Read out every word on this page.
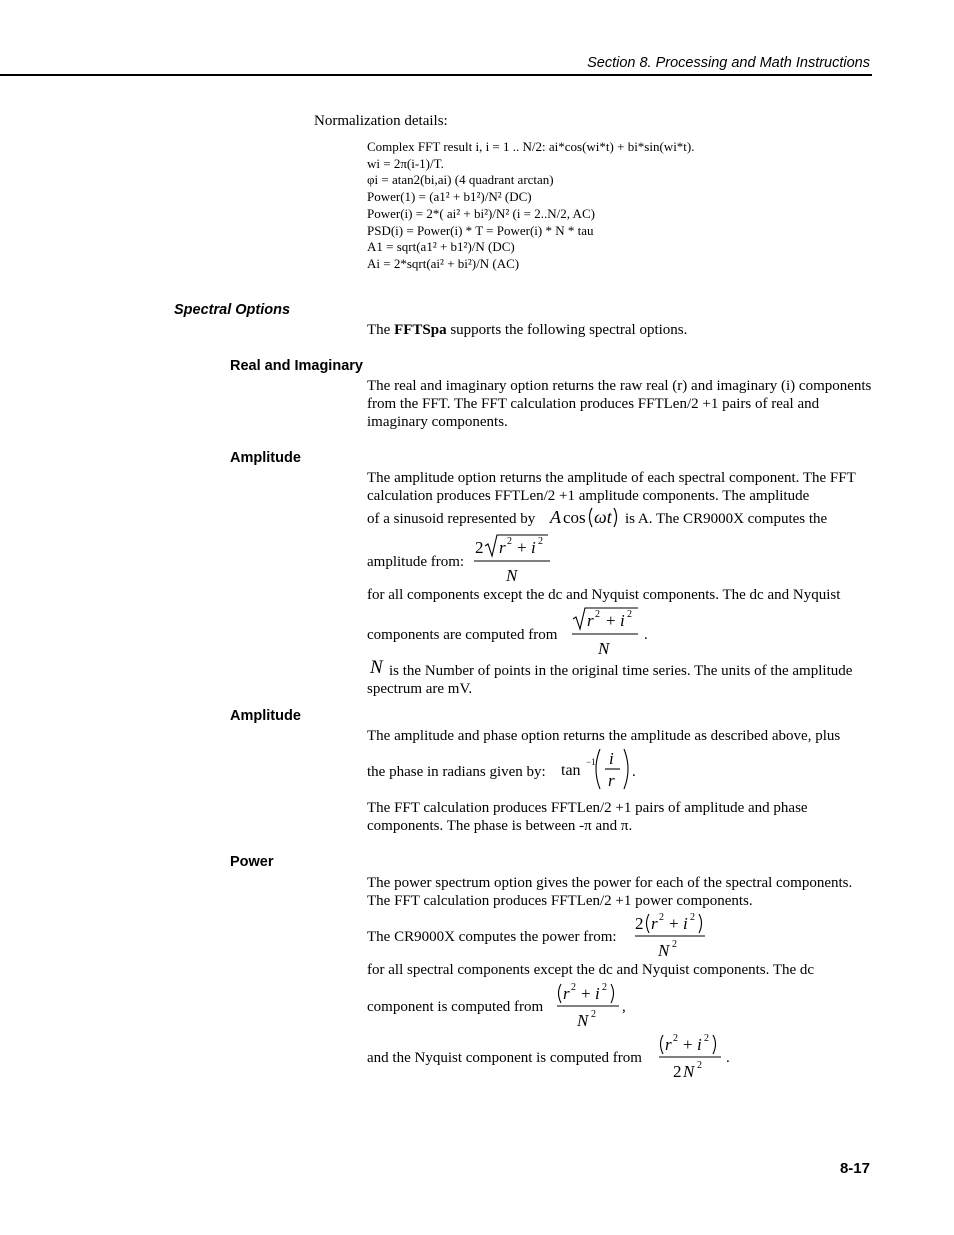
Section 8. Processing and Math Instructions
Normalization details:
Complex FFT result i, i = 1 .. N/2: ai*cos(wi*t) + bi*sin(wi*t).
wi = 2π(i-1)/T.
φi = atan2(bi,ai) (4 quadrant arctan)
Power(1) = (a1² + b1²)/N² (DC)
Power(i) = 2*( ai² + bi²)/N² (i = 2..N/2, AC)
PSD(i) = Power(i) * T = Power(i) * N * tau
A1 = sqrt(a1² + b1²)/N (DC)
Ai = 2*sqrt(ai² + bi²)/N (AC)
Spectral Options
The FFTSpa supports the following spectral options.
Real and Imaginary
The real and imaginary option returns the raw real (r) and imaginary (i) components from the FFT. The FFT calculation produces FFTLen/2 +1 pairs of real and imaginary components.
Amplitude
The amplitude option returns the amplitude of each spectral component. The FFT calculation produces FFTLen/2 +1 amplitude components. The amplitude
of a sinusoid represented by A cos ωt is A. The CR9000X computes the
amplitude from:
2 r 2 + i 2
N
for all components except the dc and Nyquist components. The dc and Nyquist
components are computed from
r 2 + i 2
N
.
N is the Number of points in the original time series. The units of the amplitude spectrum are mV.
Amplitude
The amplitude and phase option returns the amplitude as described above, plus
the phase in radians given by: tan −1 i
r .
The FFT calculation produces FFTLen/2 +1 pairs of amplitude and phase components. The phase is between -π and π.
Power
The power spectrum option gives the power for each of the spectral components. The FFT calculation produces FFTLen/2 +1 power components.
The CR9000X computes the power from:
2 r 2 + i 2
N 2
for all spectral components except the dc and Nyquist components. The dc
component is computed from
r 2 + i 2
N 2 ,
and the Nyquist component is computed from
r 2 + i 2
2 N 2 .
8-17
